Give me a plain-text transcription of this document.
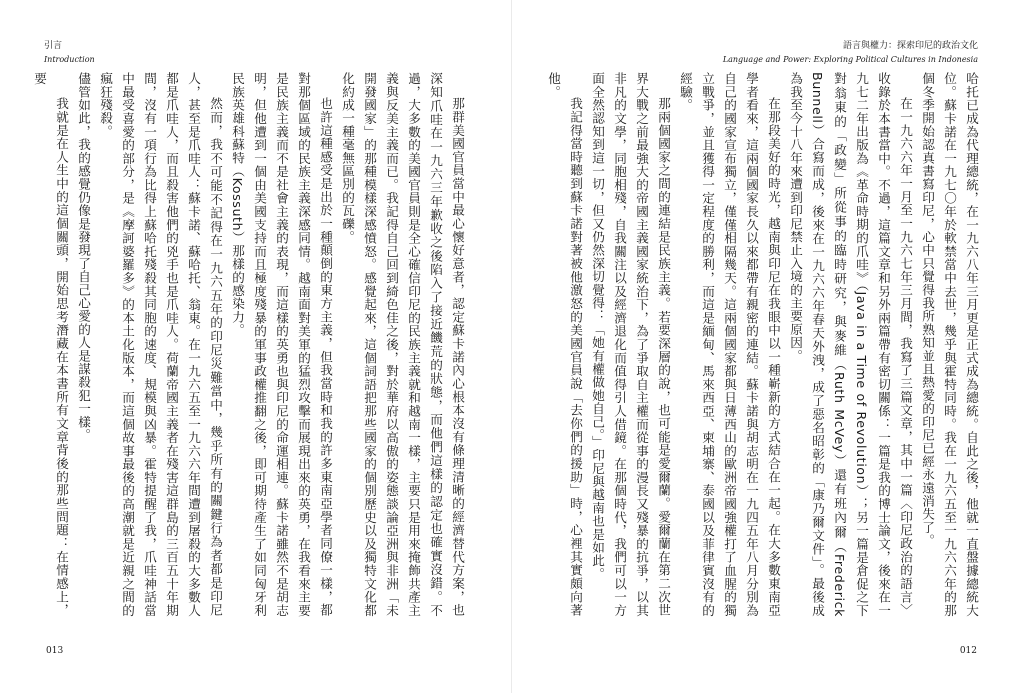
引言
Introduction

那群美國官員當中最心懷好意者，認定蘇卡諾內心根本沒有條理清晰的經濟替代方案，也深知爪哇在一九六三年歉收之後陷入了接近饑荒的狀態，而他們這樣的認定也確實沒錯。不過，大多數的美國官員則是全心確信印尼的民族主義就和越南一樣，主要只是用來掩飾共產主義與反美主義而已。我記得自己回到綺色佳之後，對於華府以高傲的姿態談論亞洲與非洲「未開發國家」的那種模樣深感憤怒。感覺起來，這個詞語把那些國家的個別歷史以及獨特文化都化約成一種毫無區別的瓦礫。

也許這種感受是出於一種顛倒的東方主義，但我當時和我的許多東南亞學者同僚一樣，都對那個區域的民族主義深感同情。越南面對美軍的猛烈攻擊而展現出來的英勇，在我看來主要是民族主義而不是社會主義的表現，而這樣的英勇也與印尼的命運相連。蘇卡諾雖然不是胡志明，但他遭到一個由美國支持而且極度殘暴的軍事政權推翻之後，即可期待產生了如同匈牙利民族英雄科蘇特（Kossuth）那樣的感染力。

然而，我不可能不記得在一九六五年的印尼災難當中，幾乎所有的關鍵行為者都是印尼人，甚至是爪哇人：蘇卡諾、蘇哈托、翁東。在一九六五至一九六六年間遭到屠殺的大多數人都是爪哇人，而且殺害他們的兇手也是爪哇人。荷蘭帝國主義者在殘害這群島的三百五十年期間，沒有一項行為比得上蘇哈托殘殺其同胞的速度、規模與凶暴。霍特提醒了我，爪哇神話當中最受喜愛的部分，是《摩訶婆羅多》的本土化版本，而這個故事最後的高潮就是近親之間的瘋狂殘殺。

儘管如此，我的感覺仍像是發現了自己心愛的人是謀殺犯一樣。

我就是在人生中的這個關頭，開始思考潛藏在本書所有文章背後的那些問題：在情感上，要

013
語言與權力：探索印尼的政治文化
Language and Power: Exploring Political Cultures in Indonesia

哈托已成為代理總統，在一九六八年三月更是正式成為總統。自此之後，他就一直盤據總統大位。蘇卡諾在一九七〇年於軟禁當中去世，幾乎與霍特同時。我在一九六五至一九六六年的那個冬季開始認真書寫印尼，心中只覺得我所熟知並且熱愛的印尼已經永遠消失了。

在一九六六年一月至一九六七年三月間，我寫了三篇文章，其中一篇〈印尼政治的語言〉收錄於本書當中。不過，這篇文章和另外兩篇帶有密切關係：一篇是我的博士論文，後來在一九七二年出版為《革命時期的爪哇》（Java in a Time of Revolution）；另一篇是倉促之下對翁東的「政變」所從事的臨時研究，與麥維（Ruth McVey）還有班內爾（Frederick Bunnell）合寫而成，後來在一九六六年春天外洩，成了惡名昭彰的「康乃爾文件」。最後成為我至今十八年來遭到印尼禁止入境的主要原因。

在那段美好的時光，越南與印尼在我眼中以一種嶄新的方式結合在一起。在大多數東南亞學者看來，這兩個國家長久以來都帶有親密的連結。蘇卡諾與胡志明在一九四五年八月分別為自己的國家宣布獨立，僅僅相隔幾天。這兩個國家都與日薄西山的歐洲帝國強權打了血腥的獨立戰爭，並且獲得一定程度的勝利，而這是緬甸、馬來西亞、柬埔寨、泰國以及菲律賓沒有的經驗。

那兩個國家之間的連結是民族主義。若要深層的說，也可能是愛爾蘭。愛爾蘭在第二次世界大戰之前最強大的帝國主義國家統治下，為了爭取自主權而從事的漫長又殘暴的抗爭，以其非凡的文學，同胞相殘，自我關注以及經濟退化而值得引人借鏡。在那個時代，我們可以一方面全然認知到這一切，但又仍然深切覺得：「她有權做她自己。」印尼與越南也是如此。

我記得當時聽到蘇卡諾對著被他激怒的美國官員說「去你們的援助」時，心裡其實頗向著他。

012
